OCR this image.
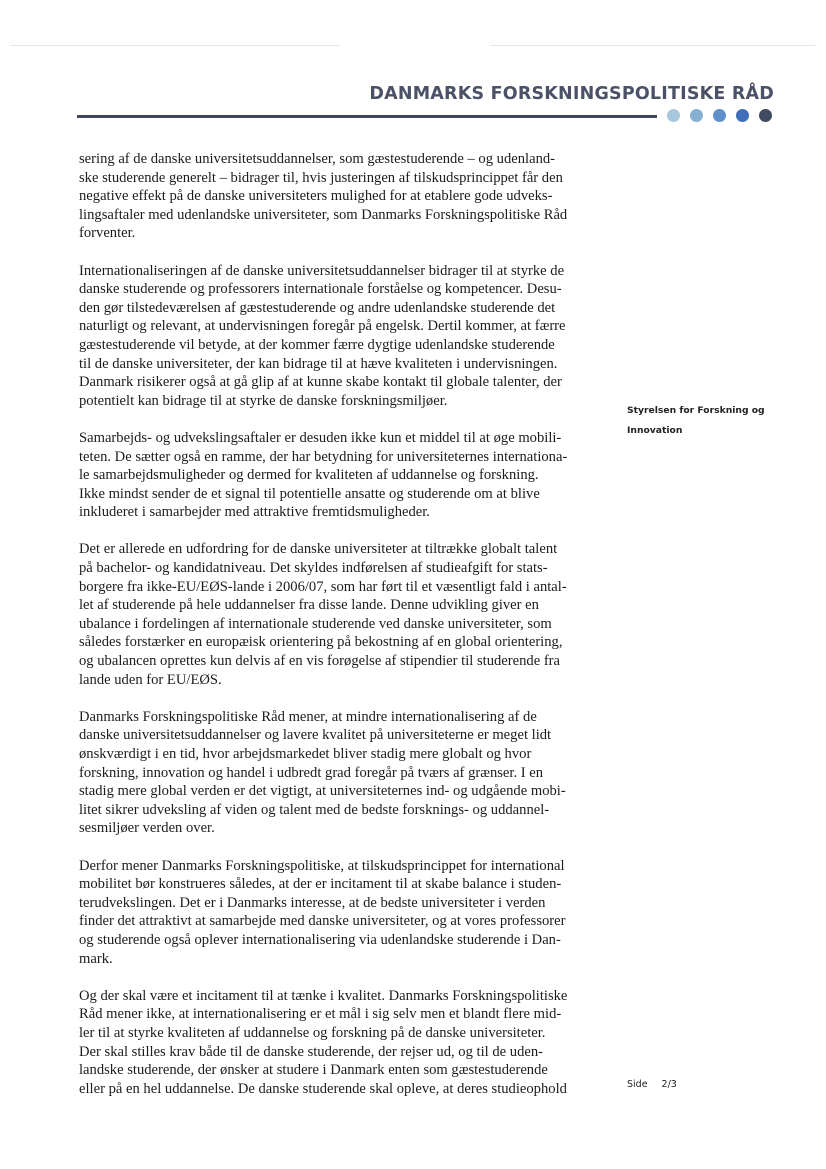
DANMARKS FORSKNINGSPOLITISKE RÅD

sering af de danske universitetsuddannelser, som gæstestuderende – og udenland-
ske studerende generelt – bidrager til, hvis justeringen af tilskudsprincippet får den
negative effekt på de danske universiteters mulighed for at etablere gode udveks-
lingsaftaler med udenlandske universiteter, som Danmarks Forskningspolitiske Råd
forventer.

Internationaliseringen af de danske universitetsuddannelser bidrager til at styrke de
danske studerende og professorers internationale forståelse og kompetencer. Desu-
den gør tilstedeværelsen af gæstestuderende og andre udenlandske studerende det
naturligt og relevant, at undervisningen foregår på engelsk. Dertil kommer, at færre
gæstestuderende vil betyde, at der kommer færre dygtige udenlandske studerende
til de danske universiteter, der kan bidrage til at hæve kvaliteten i undervisningen.
Danmark risikerer også at gå glip af at kunne skabe kontakt til globale talenter, der
potentielt kan bidrage til at styrke de danske forskningsmiljøer.

Samarbejds- og udvekslingsaftaler er desuden ikke kun et middel til at øge mobili-
teten. De sætter også en ramme, der har betydning for universiteternes internationa-
le samarbejdsmuligheder og dermed for kvaliteten af uddannelse og forskning.
Ikke mindst sender de et signal til potentielle ansatte og studerende om at blive
inkluderet i samarbejder med attraktive fremtidsmuligheder.

Det er allerede en udfordring for de danske universiteter at tiltrække globalt talent
på bachelor- og kandidatniveau. Det skyldes indførelsen af studieafgift for stats-
borgere fra ikke-EU/EØS-lande i 2006/07, som har ført til et væsentligt fald i antal-
let af studerende på hele uddannelser fra disse lande. Denne udvikling giver en
ubalance i fordelingen af internationale studerende ved danske universiteter, som
således forstærker en europæisk orientering på bekostning af en global orientering,
og ubalancen oprettes kun delvis af en vis forøgelse af stipendier til studerende fra
lande uden for EU/EØS.

Danmarks Forskningspolitiske Råd mener, at mindre internationalisering af de
danske universitetsuddannelser og lavere kvalitet på universiteterne er meget lidt
ønskværdigt i en tid, hvor arbejdsmarkedet bliver stadig mere globalt og hvor
forskning, innovation og handel i udbredt grad foregår på tværs af grænser. I en
stadig mere global verden er det vigtigt, at universiteternes ind- og udgående mobi-
litet sikrer udveksling af viden og talent med de bedste forsknings- og uddannel-
sesmiljøer verden over.

Derfor mener Danmarks Forskningspolitiske, at tilskudsprincippet for international
mobilitet bør konstrueres således, at der er incitament til at skabe balance i studen-
terudvekslingen. Det er i Danmarks interesse, at de bedste universiteter i verden
finder det attraktivt at samarbejde med danske universiteter, og at vores professorer
og studerende også oplever internationalisering via udenlandske studerende i Dan-
mark.

Og der skal være et incitament til at tænke i kvalitet. Danmarks Forskningspolitiske
Råd mener ikke, at internationalisering er et mål i sig selv men et blandt flere mid-
ler til at styrke kvaliteten af uddannelse og forskning på de danske universiteter.
Der skal stilles krav både til de danske studerende, der rejser ud, og til de uden-
landske studerende, der ønsker at studere i Danmark enten som gæstestuderende
eller på en hel uddannelse. De danske studerende skal opleve, at deres studieophold

Styrelsen for Forskning og
Innovation
Side 2/3
